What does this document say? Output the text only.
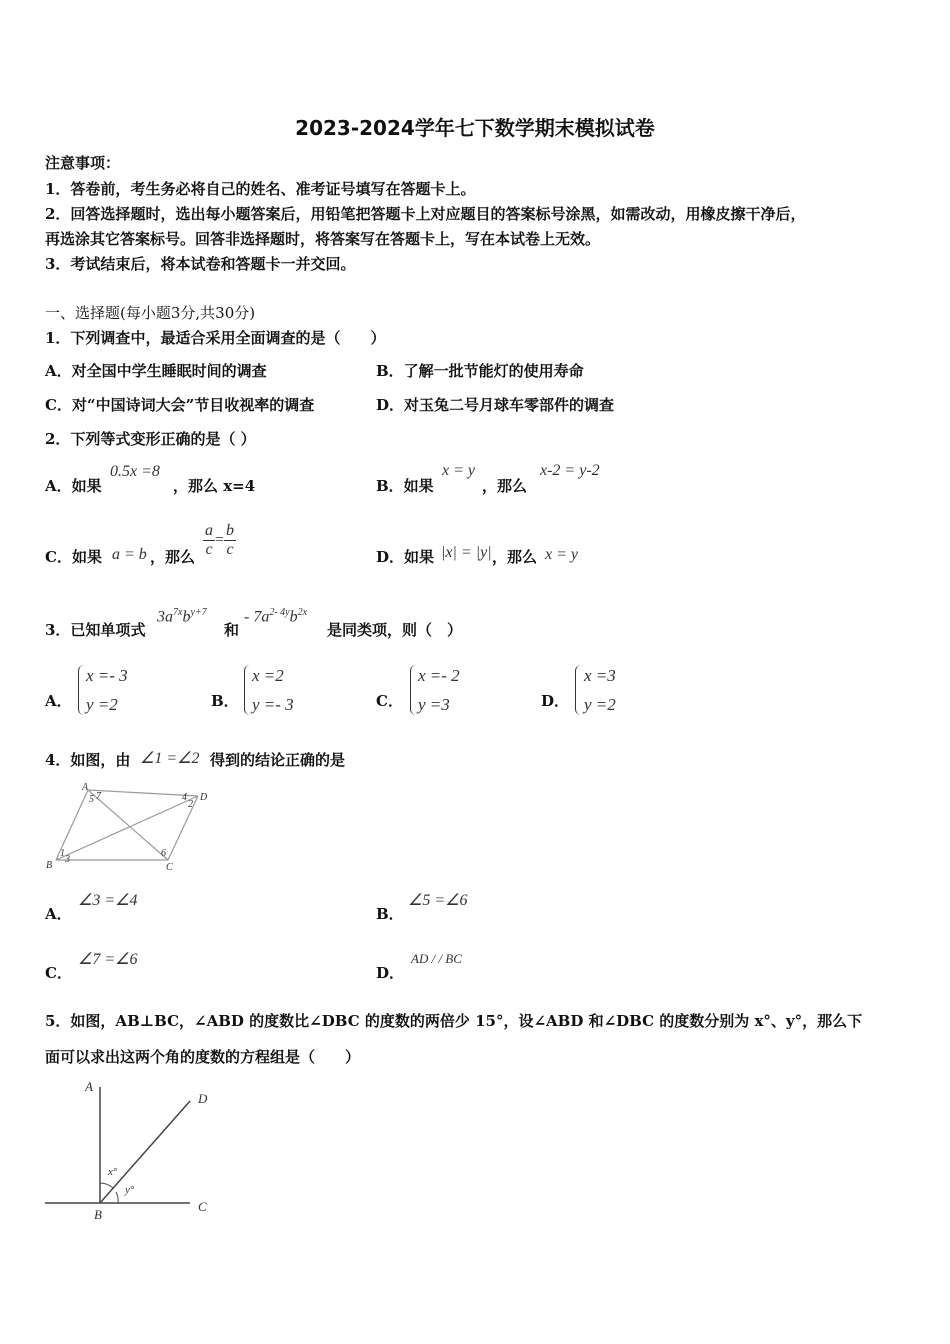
2023-2024学年七下数学期末模拟试卷
注意事项：
1．答卷前，考生务必将自己的姓名、准考证号填写在答题卡上。
2．回答选择题时，选出每小题答案后，用铅笔把答题卡上对应题目的答案标号涂黑，如需改动，用橡皮擦干净后，
再选涂其它答案标号。回答非选择题时，将答案写在答题卡上，写在本试卷上无效。
3．考试结束后，将本试卷和答题卡一并交回。
一、选择题(每小题3分,共30分)
1．下列调查中，最适合采用全面调查的是（　　）
A．对全国中学生睡眠时间的调查	B．了解一批节能灯的使用寿命
C．对“中国诗词大会”节目收视率的调查	D．对玉兔二号月球车零部件的调查
2．下列等式变形正确的是（ ）
A．如果
0.5x =8
，那么 x=4	B．如果
x = y
，那么
x-2 = y-2
C．如果 a = b ，那么 $\frac{a}{c} = \frac{b}{c}$	D．如果 |x| = |y| ，那么 x = y
3．已知单项式
$3a^{7x}b^{y+7}$
和
- $7a^{2- 4y}b^{2x}$
是同类项，则（　）
A．
x =- 3
y =2	B．
x =2
y =- 3	C．
x =- 2
y =3	D．
x =3
y =2
4．如图，由 ∠1 =∠2 得到的结论正确的是
A
B	C
D
5 7	4
2
1
3
6
A．
∠3 =∠4
B．
∠5 =∠6
C．
∠7 =∠6
D．
AD / / BC
5．如图，AB⊥BC，∠ABD 的度数比∠DBC 的度数的两倍少 15°，设∠ABD 和∠DBC 的度数分别为 x°、y°，那么下
面可以求出这两个角的度数的方程组是（　　）
A
B
C
D
x°
y°
